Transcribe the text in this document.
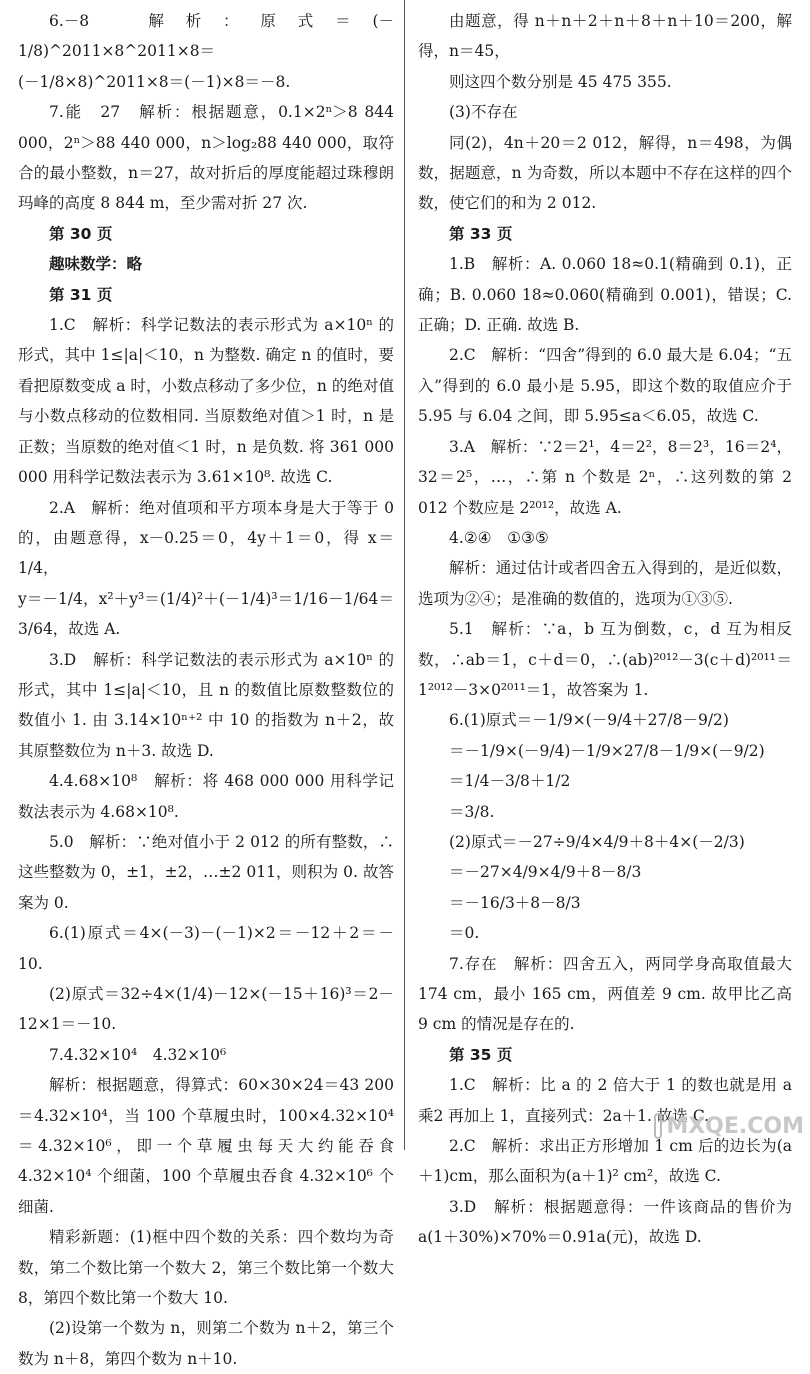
6.－8　解析：原式＝(－1/8)^2011×8^2011×8＝

(－1/8×8)^2011×8＝(－1)×8＝－8.

7.能　27　解析：根据题意，0.1×2ⁿ＞8 844 000，2ⁿ＞88 440 000，n＞log₂88 440 000，取符合的最小整数，n＝27，故对折后的厚度能超过珠穆朗玛峰的高度 8 844 m，至少需对折 27 次.

第 30 页

趣味数学：略

第 31 页

1.C　解析：科学记数法的表示形式为 a×10ⁿ 的形式，其中 1≤|a|＜10，n 为整数. 确定 n 的值时，要看把原数变成 a 时，小数点移动了多少位，n 的绝对值与小数点移动的位数相同. 当原数绝对值＞1 时，n 是正数；当原数的绝对值＜1 时，n 是负数. 将 361 000 000 用科学记数法表示为 3.61×10⁸. 故选 C.

2.A　解析：绝对值项和平方项本身是大于等于 0 的，由题意得，x－0.25＝0，4y＋1＝0，得 x＝1/4，

y＝－1/4，x²＋y³＝(1/4)²＋(－1/4)³＝1/16－1/64＝3/64，故选 A.

3.D　解析：科学记数法的表示形式为 a×10ⁿ 的形式，其中 1≤|a|＜10，且 n 的数值比原数整数位的数值小 1. 由 3.14×10ⁿ⁺² 中 10 的指数为 n＋2，故其原整数位为 n＋3. 故选 D.

4.4.68×10⁸　解析：将 468 000 000 用科学记数法表示为 4.68×10⁸.

5.0　解析：∵绝对值小于 2 012 的所有整数，∴这些整数为 0，±1，±2，…±2 011，则积为 0. 故答案为 0.

6.(1)原式＝4×(－3)－(－1)×2＝－12＋2＝－10.

(2)原式＝32÷4×(1/4)－12×(－15＋16)³＝2－12×1＝－10.

7.4.32×10⁴　4.32×10⁶

解析：根据题意，得算式：60×30×24＝43 200＝4.32×10⁴，当 100 个草履虫时，100×4.32×10⁴＝4.32×10⁶，即一个草履虫每天大约能吞食 4.32×10⁴ 个细菌，100 个草履虫吞食 4.32×10⁶ 个细菌.

精彩新题：(1)框中四个数的关系：四个数均为奇数，第二个数比第一个数大 2，第三个数比第一个数大 8，第四个数比第一个数大 10.

(2)设第一个数为 n，则第二个数为 n＋2，第三个数为 n＋8，第四个数为 n＋10.

由题意，得 n＋n＋2＋n＋8＋n＋10＝200，解得，n＝45，

则这四个数分别是 45 475 355.

(3)不存在

同(2)，4n＋20＝2 012，解得，n＝498，为偶数，据题意，n 为奇数，所以本题中不存在这样的四个数，使它们的和为 2 012.

第 33 页

1.B　解析：A. 0.060 18≈0.1(精确到 0.1)，正确；B. 0.060 18≈0.060(精确到 0.001)，错误；C. 正确；D. 正确. 故选 B.

2.C　解析：“四舍”得到的 6.0 最大是 6.04；“五入”得到的 6.0 最小是 5.95，即这个数的取值应介于 5.95 与 6.04 之间，即 5.95≤a＜6.05，故选 C.

3.A　解析：∵2＝2¹，4＝2²，8＝2³，16＝2⁴，32＝2⁵，…，∴第 n 个数是 2ⁿ，∴这列数的第 2 012 个数应是 2²⁰¹²，故选 A.

4.②④　①③⑤

解析：通过估计或者四舍五入得到的，是近似数，选项为②④；是准确的数值的，选项为①③⑤.

5.1　解析：∵a，b 互为倒数，c，d 互为相反数，∴ab＝1，c＋d＝0，∴(ab)²⁰¹²－3(c＋d)²⁰¹¹＝1²⁰¹²－3×0²⁰¹¹＝1，故答案为 1.

6.(1)原式＝－1/9×(－9/4＋27/8－9/2)

＝－1/9×(－9/4)－1/9×27/8－1/9×(－9/2)

＝1/4－3/8＋1/2

＝3/8.

(2)原式＝－27÷9/4×4/9＋8＋4×(－2/3)

＝－27×4/9×4/9＋8－8/3

＝－16/3＋8－8/3

＝0.

7.存在　解析：四舍五入，两同学身高取值最大 174 cm，最小 165 cm，两值差 9 cm. 故甲比乙高 9 cm 的情况是存在的.

第 35 页

1.C　解析：比 a 的 2 倍大于 1 的数也就是用 a 乘2 再加上 1，直接列式：2a＋1. 故选 C.

2.C　解析：求出正方形增加 1 cm 后的边长为(a＋1)cm，那么面积为(a＋1)² cm²，故选 C.

3.D　解析：根据题意得：一件该商品的售价为 a(1＋30%)×70%＝0.91a(元)，故选 D.

MXQE.COM
